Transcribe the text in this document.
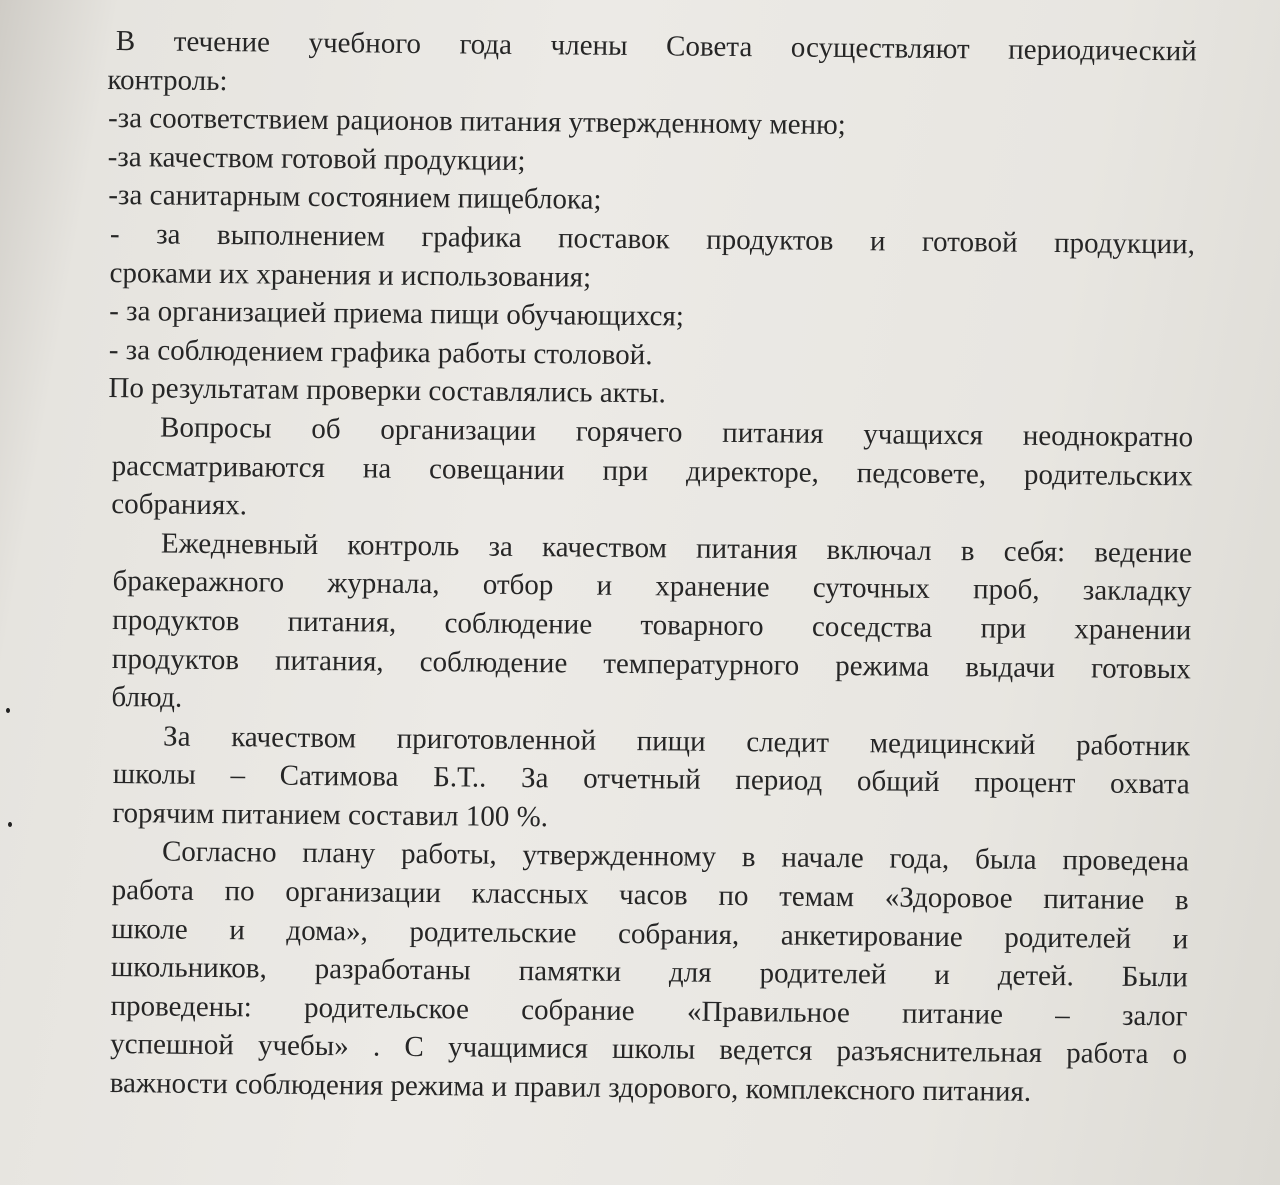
В течение учебного года члены Совета осуществляют периодический
контроль:
-за соответствием рационов питания утвержденному меню;
-за качеством готовой продукции;
-за санитарным состоянием пищеблока;
- за выполнением графика поставок продуктов и готовой продукции,
сроками их хранения и использования;
- за организацией приема пищи обучающихся;
- за соблюдением графика работы столовой.
По результатам проверки составлялись акты.
Вопросы об организации горячего питания учащихся неоднократно
рассматриваются на совещании при директоре, педсовете, родительских
собраниях.
Ежедневный контроль за качеством питания включал в себя: ведение
бракеражного журнала, отбор и хранение суточных проб, закладку
продуктов питания, соблюдение товарного соседства при хранении
продуктов питания, соблюдение температурного режима выдачи готовых
блюд.
За качеством приготовленной пищи следит медицинский работник
школы – Сатимова Б.Т.. За отчетный период общий процент охвата
горячим питанием составил 100 %.
Согласно плану работы, утвержденному в начале года, была проведена
работа по организации классных часов по темам «Здоровое питание в
школе и дома», родительские собрания, анкетирование родителей и
школьников, разработаны памятки для родителей и детей. Были
проведены: родительское собрание «Правильное питание – залог
успешной учебы» . С учащимися школы ведется разъяснительная работа о
важности соблюдения режима и правил здорового, комплексного питания.
